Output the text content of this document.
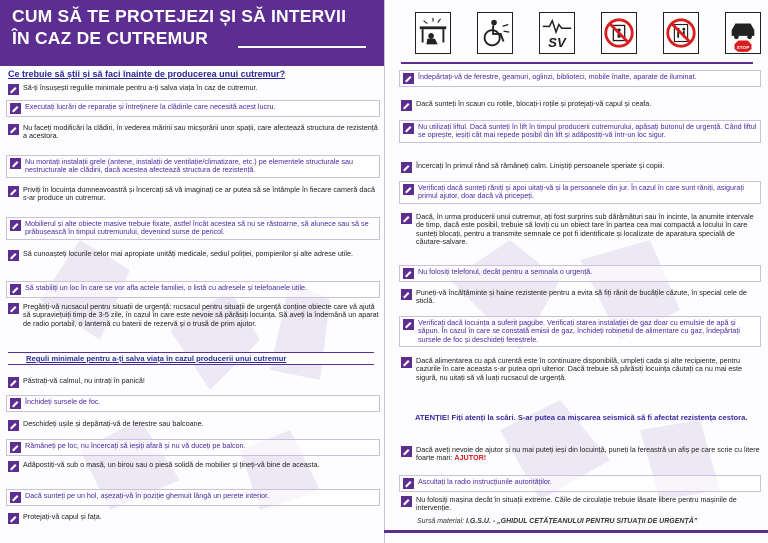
CUM SĂ TE PROTEJEZI ȘI SĂ INTERVII
ÎN CAZ DE CUTREMUR
Ce trebuie să știi și să faci înainte de producerea unui cutremur?
Să-ți însușești regulile minimale pentru a-ți salva viața în caz de cutremur.
Executați lucrări de reparație și întreținere la clădirile care necesită acest lucru.
Nu faceți modificări la clădiri, în vederea măririi sau micșorării unor spații, care afectează structura de rezistență a acestora.
Nu montați instalații grele (antene, instalații de ventilație/climatizare, etc.) pe elementele structurale sau nestructurale ale clădirii, dacă acestea afectează structura de rezistență.
Priviți în locuința dumneavoastră și încercați să vă imaginați ce ar putea să se întâmple în fiecare cameră dacă s-ar produce un cutremur.
Mobilierul și alte obiecte masive trebuie fixate, astfel încât acestea să nu se răstoarne, să alunece sau să se prăbușească în timpul cutremurului, devenind surse de pericol.
Să cunoașteți locurile celor mai apropiate unități medicale, sediul poliției, pompierilor și alte adrese utile.
Să stabiliți un loc în care se vor afla actele familiei, o listă cu adresele și telefoanele utile.
Pregătiți-vă rucsacul pentru situații de urgență: rucsacul pentru situații de urgență conține obiecte care vă ajută să supraviețuiți timp de 3-5 zile, în cazul în care este nevoie să părăsiți locuința. Să aveți la îndemână un aparat de radio portabil, o lanternă cu baterii de rezervă și o trusă de prim ajutor.
Reguli minimale pentru a-ți salva viața în cazul producerii unui cutremur
Păstrați-vă calmul, nu intrați în panică!
Închideți sursele de foc.
Deschideți ușile și depărtați-vă de ferestre sau balcoane.
Rămâneți pe loc, nu încercați să ieșiți afară și nu vă duceți pe balcon.
Adăpostiți-vă sub o masă, un birou sau o piesă solidă de mobilier și țineți-vă bine de aceasta.
Dacă sunteți pe un hol, așezați-vă în poziție ghemuit lângă un perete interior.
Protejați-vă capul și fața.
SV	STOP
Îndepărtați-vă de ferestre, geamuri, oglinzi, biblioteci, mobile înalte, aparate de iluminat.
Dacă sunteți în scaun cu rotile, blocați-i roțile și protejați-vă capul și ceafa.
Nu utilizați liftul. Dacă sunteți în lift în timpul producerii cutremurului, apăsați butonul de urgență. Când liftul se oprește, ieșiți cât mai repede posibil din lift și adăpostiți-vă într-un loc sigur.
Încercați în primul rând să rămâneți calm. Liniștiți persoanele speriate și copiii.
Verificați dacă sunteți răniți și apoi uitați-vă și la persoanele din jur. În cazul în care sunt răniți, asigurați primul ajutor, doar dacă vă pricepeți.
Dacă, în urma producerii unui cutremur, ați fost surprins sub dărâmături sau în incinte, la anumite intervale de timp, dacă este posibil, trebuie să loviți cu un obiect tare în partea cea mai compactă a locului în care sunteți blocați, pentru a transmite semnale ce pot fi identificate și localizate de aparatura specială de căutare-salvare.
Nu folosiți telefonul, decât pentru a semnala o urgență.
Puneți-vă încălțăminte și haine rezistente pentru a evita să fiți rănit de bucățile căzute, în special cele de sticlă.
Verificați dacă locuința a suferit pagube. Verificați starea instalației de gaz doar cu emulsie de apă și săpun. În cazul în care se constată emisii de gaz, închideți robinetul de alimentare cu gaz, îndepărtați sursele de foc și deschideți ferestrele.
Dacă alimentarea cu apă curentă este în continuare disponibilă, umpleți cada și alte recipiente, pentru cazurile în care aceasta s-ar putea opri ulterior. Dacă trebuie să părăsiți locuința căutați ca nu mai este sigură, nu uitați să vă luați rucsacul de urgență.
ATENȚIE! Fiți atenți la scări. S-ar putea ca mișcarea seismică să fi afectat rezistența cestora.
Dacă aveți nevoie de ajutor și nu mai puteți ieși din locuință, puneți la fereastră un afiș pe care scrie cu litere foarte mari: AJUTOR!
Ascultați la radio instrucțiunile autorităților.
Nu folosiți mașina decât în situații extreme. Căile de circulație trebuie lăsate libere pentru mașinile de intervenție.
Sursă material: I.G.S.U. - „GHIDUL CETĂȚEANULUI PENTRU SITUAȚII DE URGENȚĂ”
